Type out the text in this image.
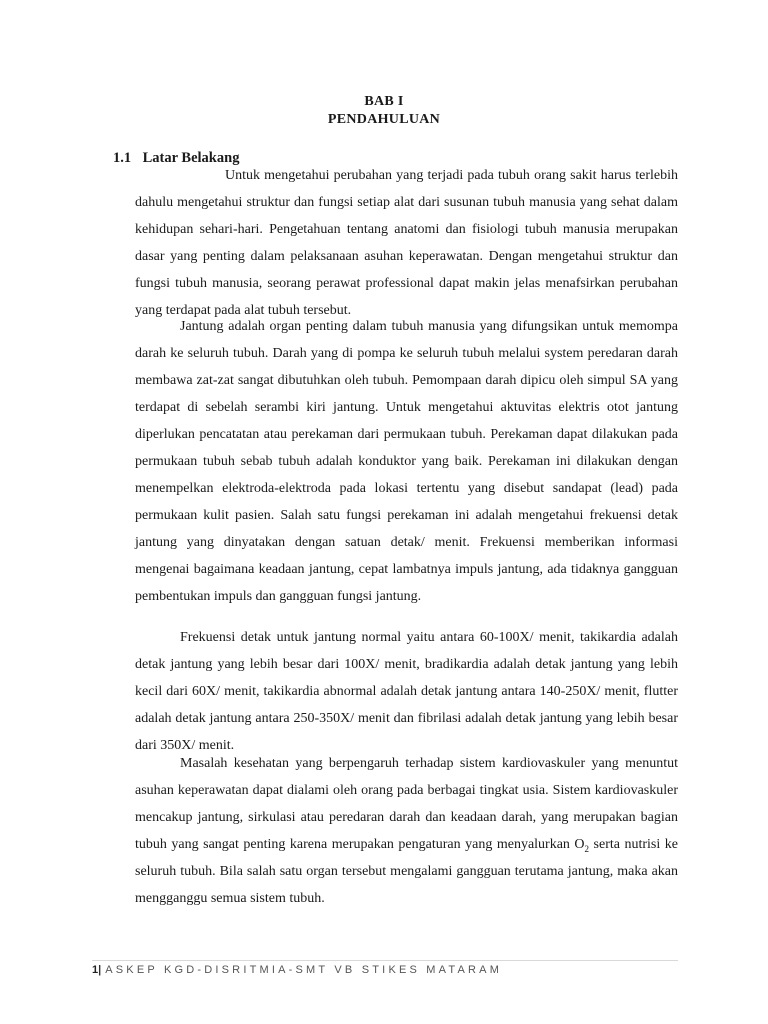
BAB I
PENDAHULUAN
1.1 Latar Belakang

Untuk mengetahui perubahan yang terjadi pada tubuh orang sakit harus terlebih dahulu mengetahui struktur dan fungsi setiap alat dari susunan tubuh manusia yang sehat dalam kehidupan sehari-hari. Pengetahuan tentang anatomi dan fisiologi tubuh manusia merupakan dasar yang penting dalam pelaksanaan asuhan keperawatan. Dengan mengetahui struktur dan fungsi tubuh manusia, seorang perawat professional dapat makin jelas menafsirkan perubahan yang terdapat pada alat tubuh tersebut.

Jantung adalah organ penting dalam tubuh manusia yang difungsikan untuk memompa darah ke seluruh tubuh. Darah yang di pompa ke seluruh tubuh melalui system peredaran darah membawa zat-zat sangat dibutuhkan oleh tubuh. Pemompaan darah dipicu oleh simpul SA yang terdapat di sebelah serambi kiri jantung. Untuk mengetahui aktuvitas elektris otot jantung diperlukan pencatatan atau perekaman dari permukaan tubuh. Perekaman dapat dilakukan pada permukaan tubuh sebab tubuh adalah konduktor yang baik. Perekaman ini dilakukan dengan menempelkan elektroda-elektroda pada lokasi tertentu yang disebut sandapat (lead) pada permukaan kulit pasien. Salah satu fungsi perekaman ini adalah mengetahui frekuensi detak jantung yang dinyatakan dengan satuan detak/ menit. Frekuensi memberikan informasi mengenai bagaimana keadaan jantung, cepat lambatnya impuls jantung, ada tidaknya gangguan pembentukan impuls dan gangguan fungsi jantung.

Frekuensi detak untuk jantung normal yaitu antara 60-100X/ menit, takikardia adalah detak jantung yang lebih besar dari 100X/ menit, bradikardia adalah detak jantung yang lebih kecil dari 60X/ menit, takikardia abnormal adalah detak jantung antara 140-250X/ menit, flutter adalah detak jantung antara 250-350X/ menit dan fibrilasi adalah detak jantung yang lebih besar dari 350X/ menit.

Masalah kesehatan yang berpengaruh terhadap sistem kardiovaskuler yang menuntut asuhan keperawatan dapat dialami oleh orang pada berbagai tingkat usia. Sistem kardiovaskuler mencakup jantung, sirkulasi atau peredaran darah dan keadaan darah, yang merupakan bagian tubuh yang sangat penting karena merupakan pengaturan yang menyalurkan $O_2$ serta nutrisi ke seluruh tubuh. Bila salah satu organ tersebut mengalami gangguan terutama jantung, maka akan mengganggu semua sistem tubuh.

1| ASKEP KGD-DISRITMIA-SMT VB STIKES MATARAM
